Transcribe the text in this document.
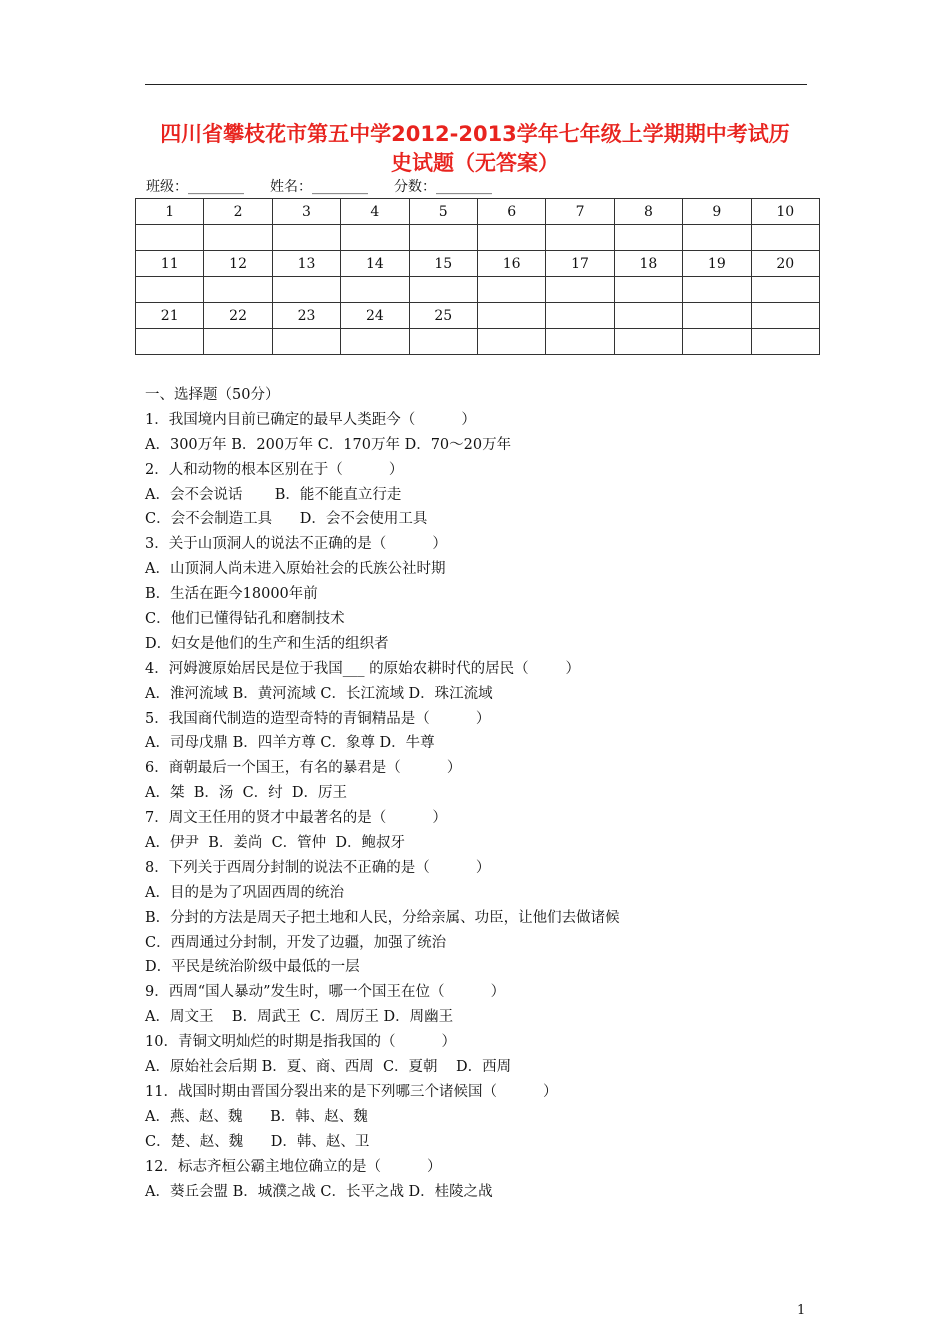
四川省攀枝花市第五中学2012-2013学年七年级上学期期中考试历
史试题（无答案）
班级：________ 姓名：________ 分数：________
1	2	3	4	5	6	7	8	9	10

11	12	13	14	15	16	17	18	19	20

21	22	23	24	25					

一、选择题（50分）
1．我国境内目前已确定的最早人类距今（          ）
A．300万年 B．200万年 C．170万年 D．70～20万年
2．人和动物的根本区别在于（          ）
A．会不会说话       B．能不能直立行走
C．会不会制造工具      D．会不会使用工具
3．关于山顶洞人的说法不正确的是（          ）
A．山顶洞人尚未进入原始社会的氏族公社时期
B．生活在距今18000年前
C．他们已懂得钻孔和磨制技术
D．妇女是他们的生产和生活的组织者
4．河姆渡原始居民是位于我国___ 的原始农耕时代的居民（        ）
A．淮河流域 B．黄河流域 C．长江流域 D．珠江流域
5．我国商代制造的造型奇特的青铜精品是（          ）
A．司母戊鼎 B．四羊方尊 C．象尊 D．牛尊
6．商朝最后一个国王，有名的暴君是（          ）
A．桀  B．汤  C．纣  D．厉王
7．周文王任用的贤才中最著名的是（          ）
A．伊尹  B．姜尚  C．管仲  D．鲍叔牙
8．下列关于西周分封制的说法不正确的是（          ）
A．目的是为了巩固西周的统治
B．分封的方法是周天子把土地和人民，分给亲属、功臣，让他们去做诸候
C．西周通过分封制，开发了边疆，加强了统治
D．平民是统治阶级中最低的一层
9．西周“国人暴动”发生时，哪一个国王在位（          ）
A．周文王    B．周武王  C．周厉王 D．周幽王
10．青铜文明灿烂的时期是指我国的（          ）
A．原始社会后期 B．夏、商、西周  C．夏朝    D．西周
11．战国时期由晋国分裂出来的是下列哪三个诸候国（          ）
A．燕、赵、魏      B．韩、赵、魏
C．楚、赵、魏      D．韩、赵、卫
12．标志齐桓公霸主地位确立的是（          ）
A．葵丘会盟 B．城濮之战 C．长平之战 D．桂陵之战
1
